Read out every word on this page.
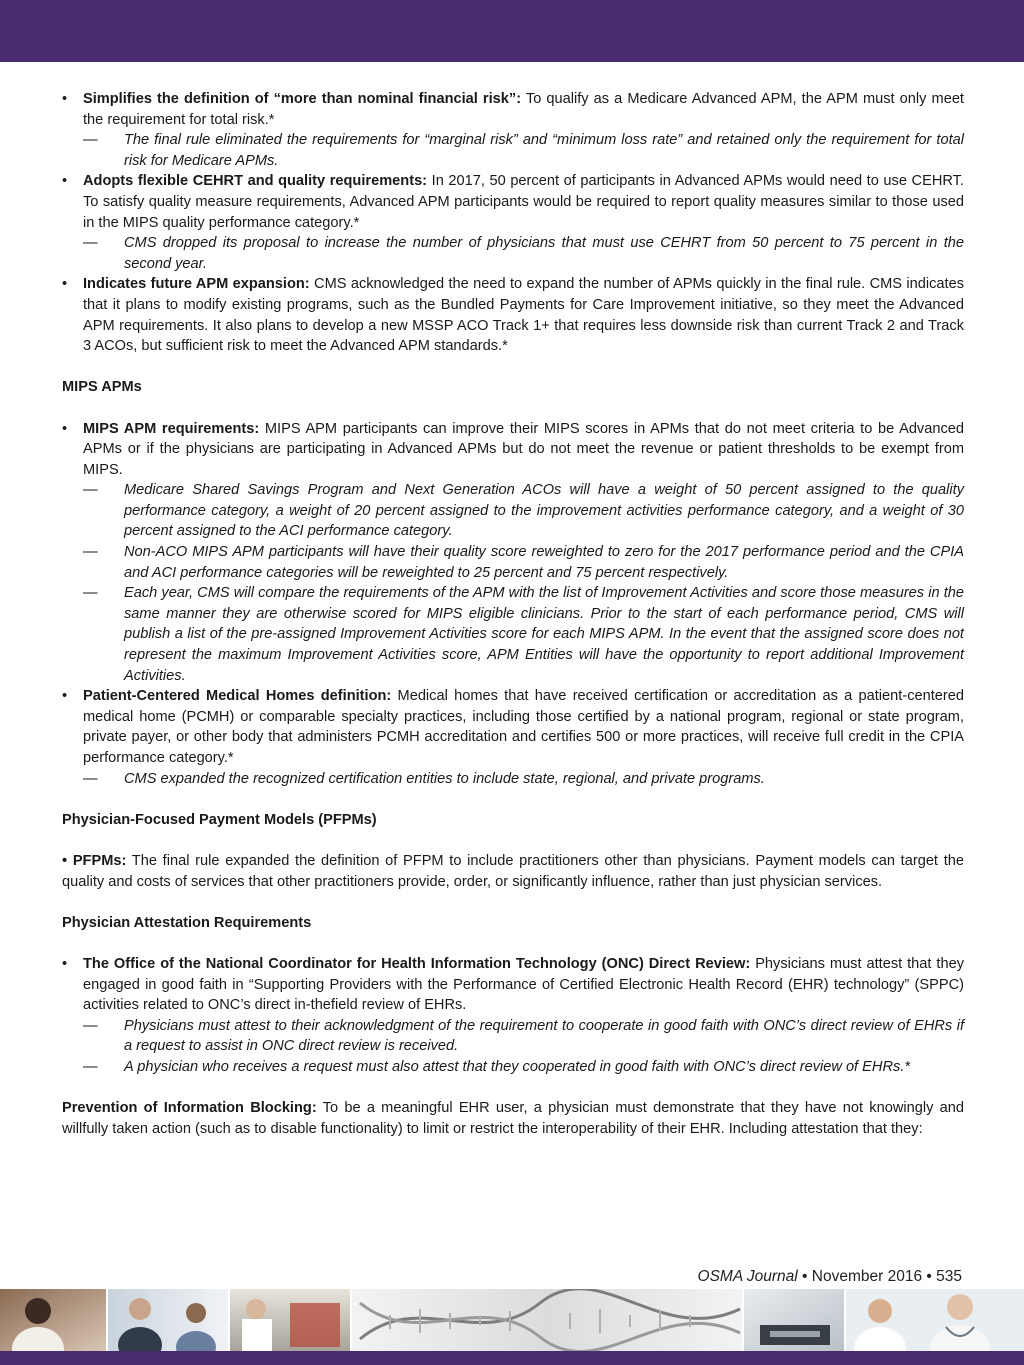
• Simplifies the definition of “more than nominal financial risk”: To qualify as a Medicare Advanced APM, the APM must only meet the requirement for total risk.*

— The final rule eliminated the requirements for “marginal risk” and “minimum loss rate” and retained only the requirement for total risk for Medicare APMs.

• Adopts flexible CEHRT and quality requirements: In 2017, 50 percent of participants in Advanced APMs would need to use CEHRT. To satisfy quality measure requirements, Advanced APM participants would be required to report quality measures similar to those used in the MIPS quality performance category.*

— CMS dropped its proposal to increase the number of physicians that must use CEHRT from 50 percent to 75 percent in the second year.

• Indicates future APM expansion: CMS acknowledged the need to expand the number of APMs quickly in the final rule. CMS indicates that it plans to modify existing programs, such as the Bundled Payments for Care Improvement initiative, so they meet the Advanced APM requirements. It also plans to develop a new MSSP ACO Track 1+ that requires less downside risk than current Track 2 and Track 3 ACOs, but sufficient risk to meet the Advanced APM standards.*

MIPS APMs

• MIPS APM requirements: MIPS APM participants can improve their MIPS scores in APMs that do not meet criteria to be Advanced APMs or if the physicians are participating in Advanced APMs but do not meet the revenue or patient thresholds to be exempt from MIPS.

— Medicare Shared Savings Program and Next Generation ACOs will have a weight of 50 percent assigned to the quality performance category, a weight of 20 percent assigned to the improvement activities performance category, and a weight of 30 percent assigned to the ACI performance category.

— Non-ACO MIPS APM participants will have their quality score reweighted to zero for the 2017 performance period and the CPIA and ACI performance categories will be reweighted to 25 percent and 75 percent respectively.

— Each year, CMS will compare the requirements of the APM with the list of Improvement Activities and score those measures in the same manner they are otherwise scored for MIPS eligible clinicians. Prior to the start of each performance period, CMS will publish a list of the pre-assigned Improvement Activities score for each MIPS APM. In the event that the assigned score does not represent the maximum Improvement Activities score, APM Entities will have the opportunity to report additional Improvement Activities.

• Patient-Centered Medical Homes definition: Medical homes that have received certification or accreditation as a patient-centered medical home (PCMH) or comparable specialty practices, including those certified by a national program, regional or state program, private payer, or other body that administers PCMH accreditation and certifies 500 or more practices, will receive full credit in the CPIA performance category.*

— CMS expanded the recognized certification entities to include state, regional, and private programs.

Physician-Focused Payment Models (PFPMs)

• PFPMs: The final rule expanded the definition of PFPM to include practitioners other than physicians. Payment models can target the quality and costs of services that other practitioners provide, order, or significantly influence, rather than just physician services.

Physician Attestation Requirements

• The Office of the National Coordinator for Health Information Technology (ONC) Direct Review: Physicians must attest that they engaged in good faith in “Supporting Providers with the Performance of Certified Electronic Health Record (EHR) technology” (SPPC) activities related to ONC’s direct in-thefield review of EHRs.

— Physicians must attest to their acknowledgment of the requirement to cooperate in good faith with ONC’s direct review of EHRs if a request to assist in ONC direct review is received.

— A physician who receives a request must also attest that they cooperated in good faith with ONC’s direct review of EHRs.*

Prevention of Information Blocking: To be a meaningful EHR user, a physician must demonstrate that they have not knowingly and willfully taken action (such as to disable functionality) to limit or restrict the interoperability of their EHR. Including attestation that they:

OSMA Journal • November 2016 • 535
